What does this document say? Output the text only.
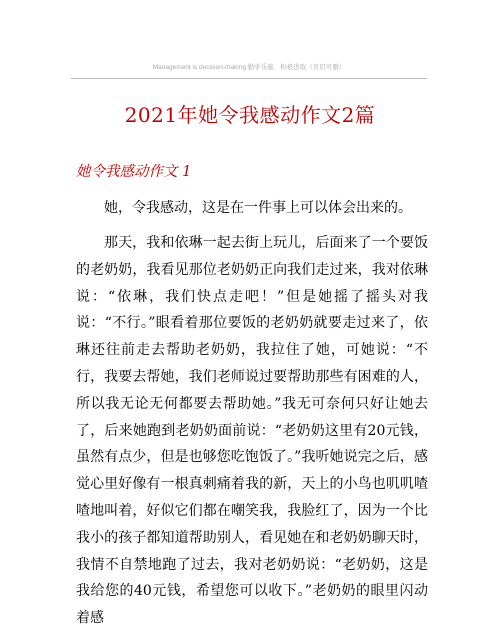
Management is decision-making 勤学乐施　积极进取（页眉可删）
2021年她令我感动作文2篇
她令我感动作文 1
她，令我感动，这是在一件事上可以体会出来的。
那天，我和依琳一起去街上玩儿，后面来了一个要饭的老奶奶，我看见那位老奶奶正向我们走过来，我对依琳说：“依琳，我们快点走吧！”但是她摇了摇头对我说：“不行。”眼看着那位要饭的老奶奶就要走过来了，依琳还往前走去帮助老奶奶，我拉住了她，可她说：“不行，我要去帮她，我们老师说过要帮助那些有困难的人，所以我无论无何都要去帮助她。”我无可奈何只好让她去了，后来她跑到老奶奶面前说：“老奶奶这里有20元钱，虽然有点少，但是也够您吃饱饭了。”我听她说完之后，感觉心里好像有一根真刺痛着我的新，天上的小鸟也叽叽喳喳地叫着，好似它们都在嘲笑我，我脸红了，因为一个比我小的孩子都知道帮助别人，看见她在和老奶奶聊天时，我情不自禁地跑了过去，我对老奶奶说：“老奶奶，这是我给您的40元钱，希望您可以收下。”老奶奶的眼里闪动着感
